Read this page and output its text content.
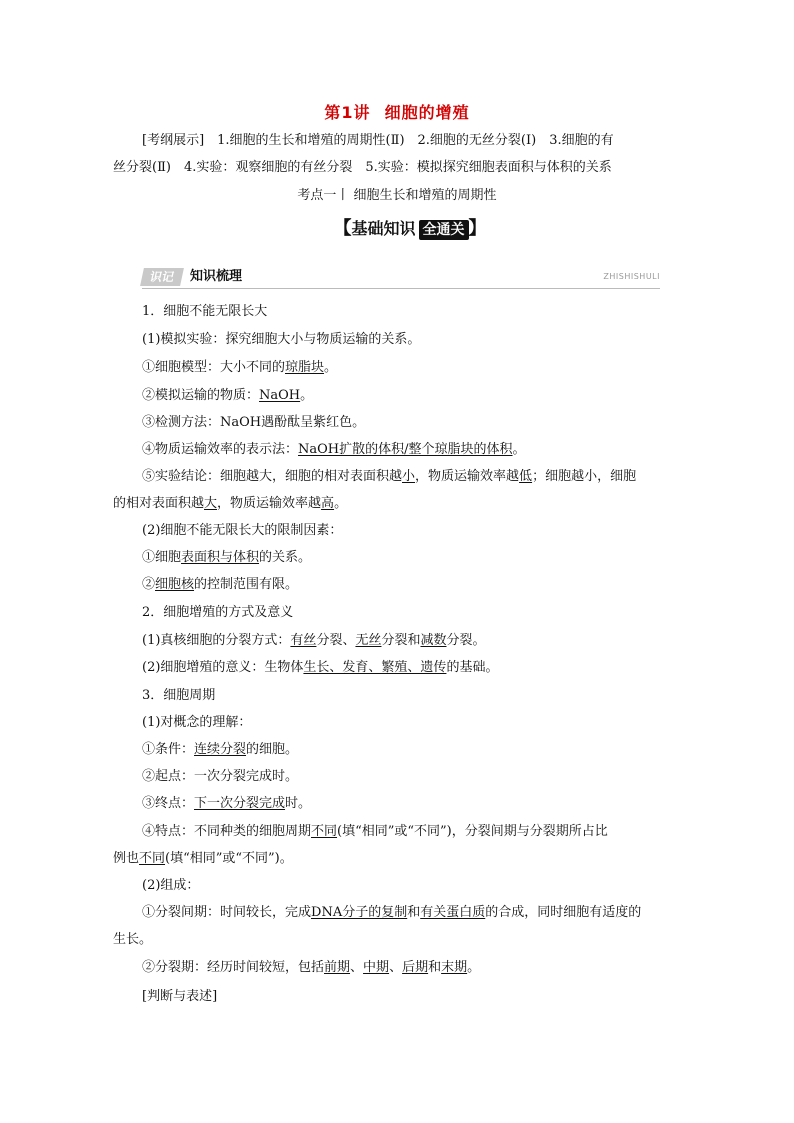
第1讲 细胞的增殖
[考纲展示]　1.细胞的生长和增殖的周期性(Ⅱ)　2.细胞的无丝分裂(Ⅰ)　3.细胞的有
丝分裂(Ⅱ)　4.实验：观察细胞的有丝分裂　5.实验：模拟探究细胞表面积与体积的关系
考点一丨 细胞生长和增殖的周期性
【基础知识 全通关 】
识记	知识梳理	ZHISHISHULI
1．细胞不能无限长大
(1)模拟实验：探究细胞大小与物质运输的关系。
①细胞模型：大小不同的琼脂块。
②模拟运输的物质：NaOH。
③检测方法：NaOH遇酚酞呈紫红色。
④物质运输效率的表示法：NaOH扩散的体积/整个琼脂块的体积。
⑤实验结论：细胞越大，细胞的相对表面积越小，物质运输效率越低；细胞越小，细胞
的相对表面积越大，物质运输效率越高。
(2)细胞不能无限长大的限制因素：
①细胞表面积与体积的关系。
②细胞核的控制范围有限。
2．细胞增殖的方式及意义
(1)真核细胞的分裂方式：有丝分裂、无丝分裂和减数分裂。
(2)细胞增殖的意义：生物体生长、发育、繁殖、遗传的基础。
3．细胞周期
(1)对概念的理解：
①条件：连续分裂的细胞。
②起点：一次分裂完成时。
③终点：下一次分裂完成时。
④特点：不同种类的细胞周期不同(填“相同”或“不同”)，分裂间期与分裂期所占比
例也不同(填“相同”或“不同”)。
(2)组成：
①分裂间期：时间较长，完成DNA分子的复制和有关蛋白质的合成，同时细胞有适度的
生长。
②分裂期：经历时间较短，包括前期、中期、后期和末期。
[判断与表述]
